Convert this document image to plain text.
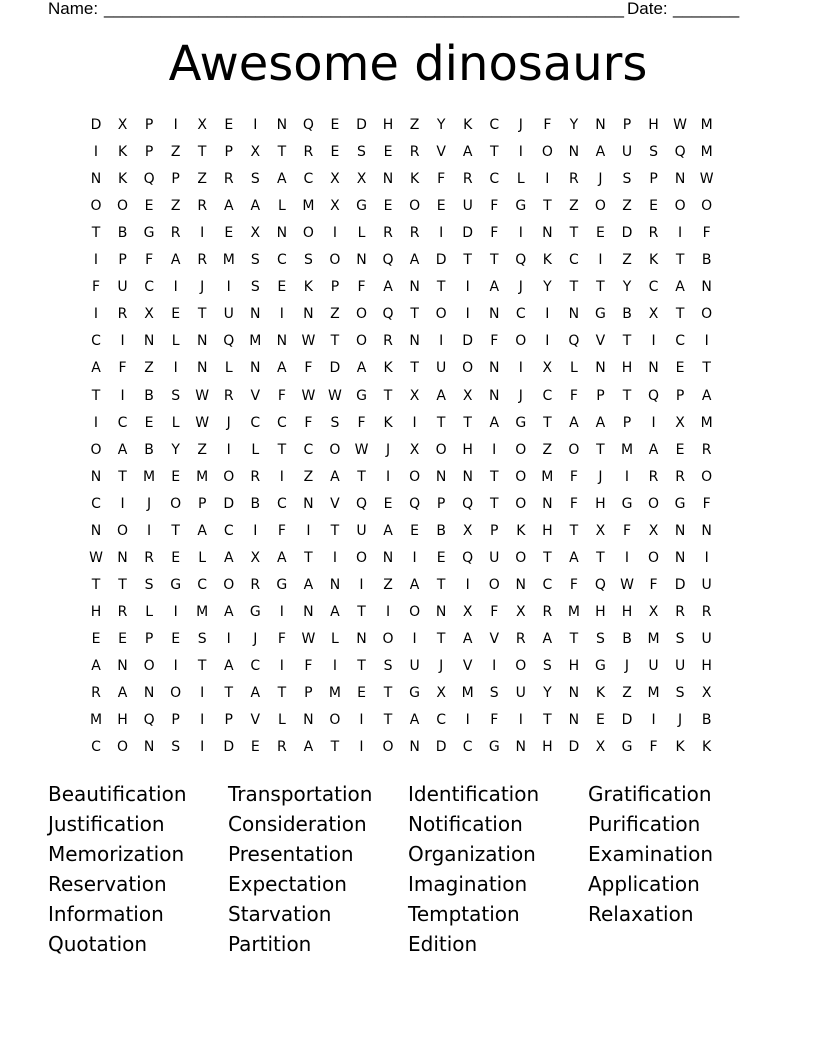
Name: _______________________________________________________ Date: _______
Awesome dinosaurs
D	X	P	I	X	E	I	N	Q	E	D	H	Z	Y	K	C	J	F	Y	N	P	H	W M
I	K	P	Z	T	P	X	T	R	E	S	E	R	V	A	T	I	O	N	A	U	S	Q	M
N	K	Q	P	Z	R	S	A	C	X	X	N	K	F	R	C	L	I	R	J	S	P	N	W
O	O	E	Z	R	A	A	L	M	X	G	E	O	E	U	F	G	T	Z	O	Z	E	O	O
T	B	G	R	I	E	X	N	O	I	L	R	R	I	D	F	I	N	T	E	D	R	I	F
I	P	F	A	R	M	S	C	S	O	N	Q	A	D	T	T	Q	K	C	I	Z	K	T	B
F	U	C	I	J	I	S	E	K	P	F	A	N	T	I	A	J	Y	T	T	Y	C	A	N
I	R	X	E	T	U	N	I	N	Z	O	Q	T	O	I	N	C	I	N	G	B	X	T	O
C	I	N	L	N	Q	M	N	W	T	O	R	N	I	D	F	O	I	Q	V	T	I	C	I
A	F	Z	I	N	L	N	A	F	D	A	K	T	U	O	N	I	X	L	N	H	N	E	T
T	I	B	S	W	R	V	F	W W	G	T	X	A	X	N	J	C	F	P	T	Q	P	A
I	C	E	L	W	J	C	C	F	S	F	K	I	T	T	A	G	T	A	A	P	I	X	M
O	A	B	Y	Z	I	L	T	C	O	W	J	X	O	H	I	O	Z	O	T	M	A	E	R
N	T	M	E	M	O	R	I	Z	A	T	I	O	N	N	T	O	M	F	J	I	R	R	O
C	I	J	O	P	D	B	C	N	V	Q	E	Q	P	Q	T	O	N	F	H	G	O	G	F
N	O	I	T	A	C	I	F	I	T	U	A	E	B	X	P	K	H	T	X	F	X	N	N
W	N	R	E	L	A	X	A	T	I	O	N	I	E	Q	U	O	T	A	T	I	O	N	I
T	T	S	G	C	O	R	G	A	N	I	Z	A	T	I	O	N	C	F	Q	W	F	D	U
H	R	L	I	M	A	G	I	N	A	T	I	O	N	X	F	X	R	M	H	H	X	R	R
E	E	P	E	S	I	J	F	W	L	N	O	I	T	A	V	R	A	T	S	B	M	S	U
A	N	O	I	T	A	C	I	F	I	T	S	U	J	V	I	O	S	H	G	J	U	U	H
R	A	N	O	I	T	A	T	P	M	E	T	G	X	M	S	U	Y	N	K	Z	M	S	X
M	H	Q	P	I	P	V	L	N	O	I	T	A	C	I	F	I	T	N	E	D	I	J	B
C	O	N	S	I	D	E	R	A	T	I	O	N	D	C	G	N	H	D	X	G	F	K	K
Beautification	Transportation	Identification	Gratification
Justification	Consideration	Notification	Purification
Memorization	Presentation	Organization	Examination
Reservation	Expectation	Imagination	Application
Information	Starvation	Temptation	Relaxation
Quotation	Partition	Edition
